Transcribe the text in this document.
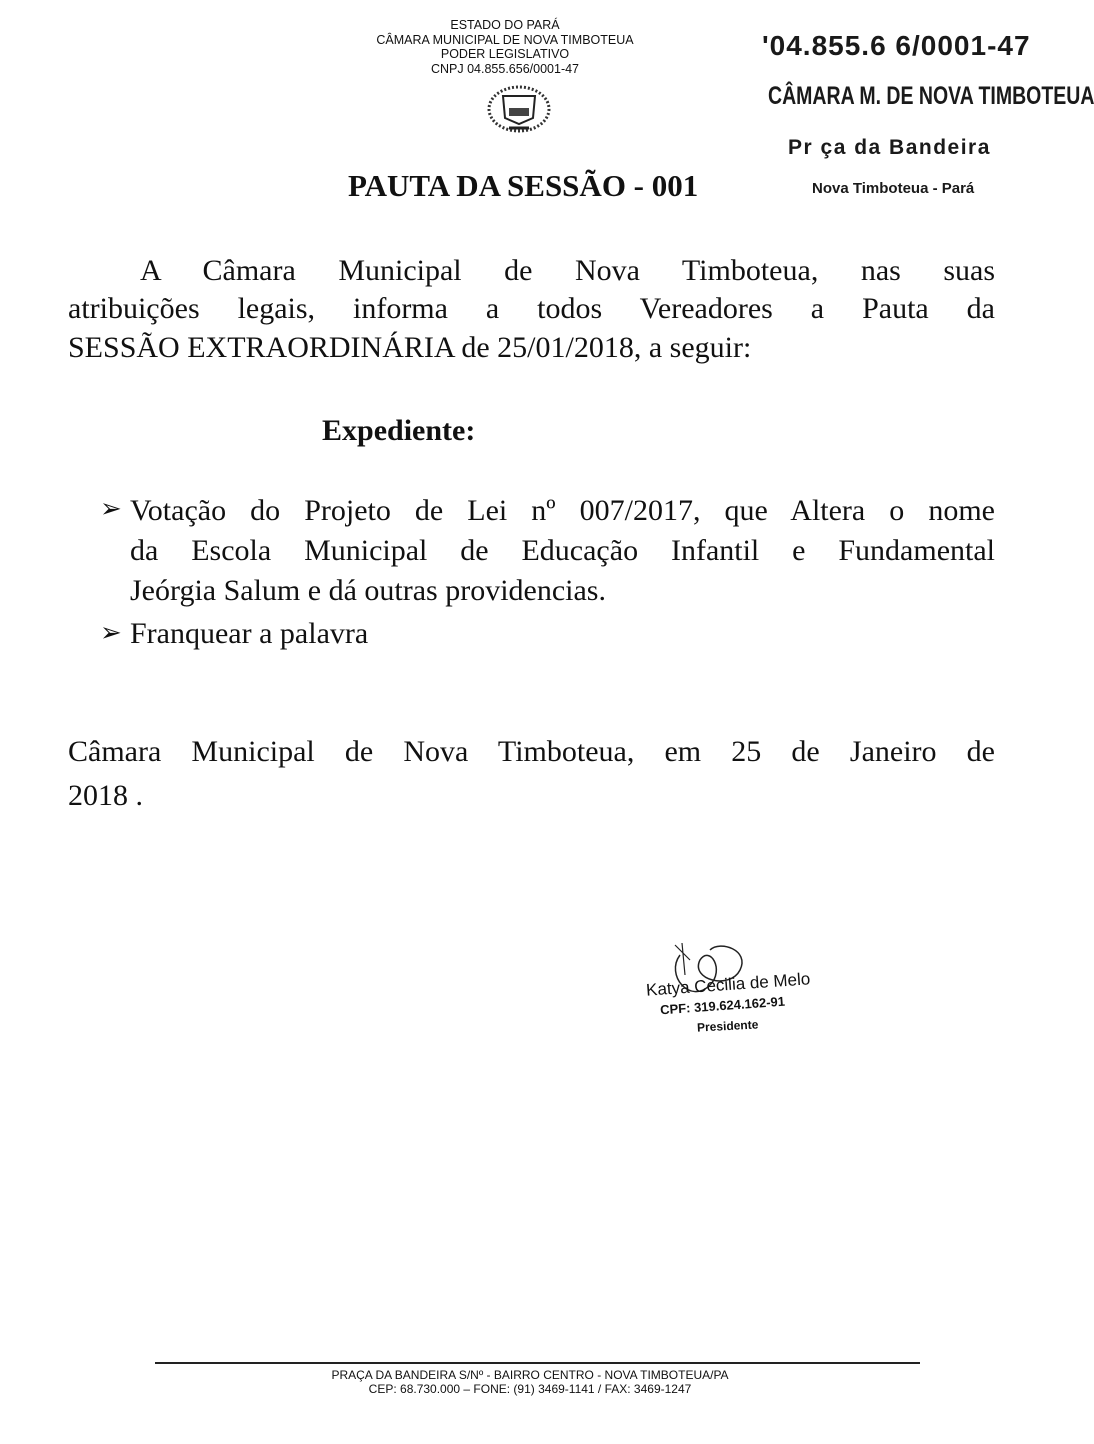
ESTADO DO PARÁ
CÂMARA MUNICIPAL DE NOVA TIMBOTEUA
PODER LEGISLATIVO
CNPJ 04.855.656/0001-47
'04.855.6 6/0001-47
CÂMARA M. DE NOVA TIMBOTEUA
Pr ça da Bandeira
Nova Timboteua - Pará
PAUTA DA SESSÃO - 001
A Câmara Municipal de Nova Timboteua, nas suas
atribuições legais, informa a todos Vereadores a Pauta da
SESSÃO EXTRAORDINÁRIA de 25/01/2018, a seguir:
Expediente:
➢ Votação do Projeto de Lei nº 007/2017, que Altera o nome
da Escola Municipal de Educação Infantil e Fundamental
Jeórgia Salum e dá outras providencias.
➢ Franquear a palavra
Câmara Municipal de Nova Timboteua, em 25 de Janeiro de
2018 .
Katya Cecilia de Melo
CPF: 319.624.162-91
Presidente
PRAÇA DA BANDEIRA S/Nº - BAIRRO CENTRO - NOVA TIMBOTEUA/PA
CEP: 68.730.000 – FONE: (91) 3469-1141 / FAX: 3469-1247
